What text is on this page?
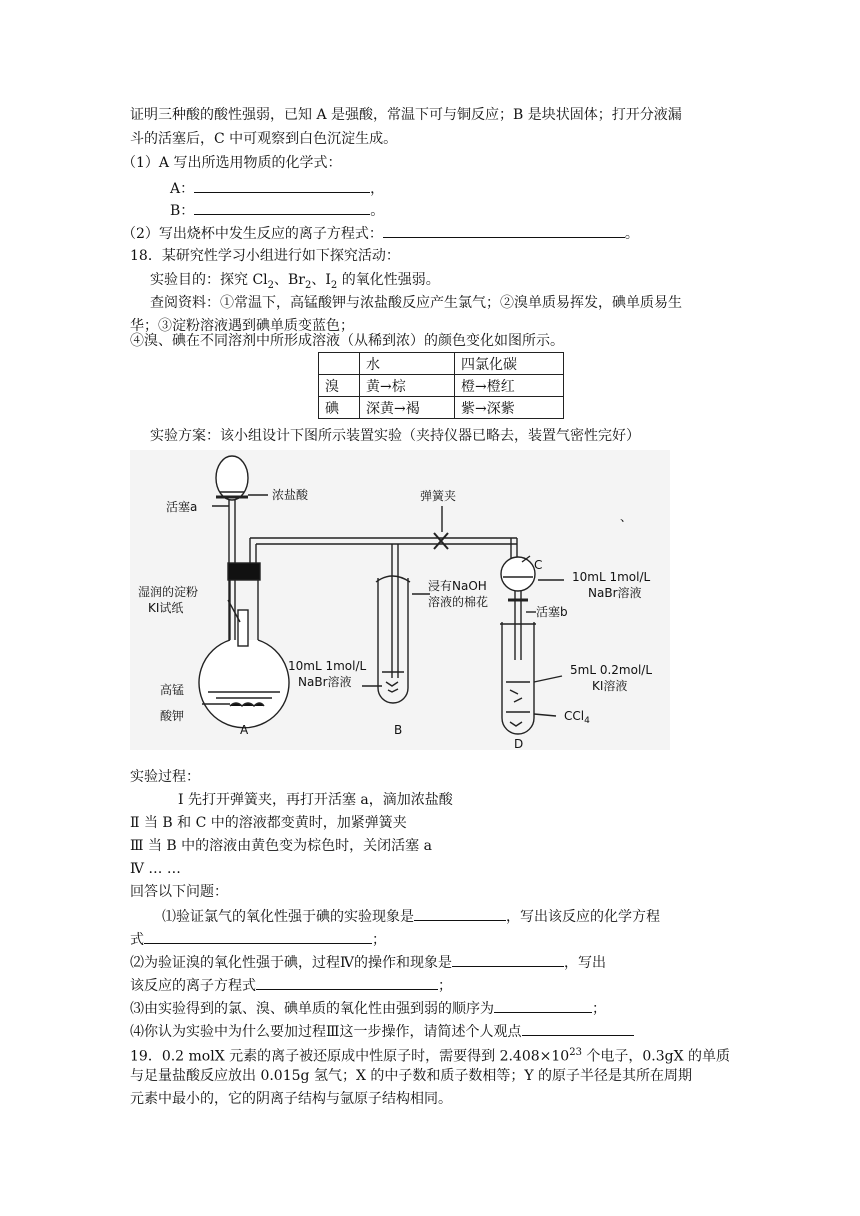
证明三种酸的酸性强弱，已知 A 是强酸，常温下可与铜反应；B 是块状固体；打开分液漏
斗的活塞后，C 中可观察到白色沉淀生成。
（1）A 写出所选用物质的化学式：
A：	，
B：	。
（2）写出烧杯中发生反应的离子方程式：	。
18．某研究性学习小组进行如下探究活动：
实验目的：探究 $Cl_2$、$Br_2$、$I_2$ 的氧化性强弱。
查阅资料：①常温下，高锰酸钾与浓盐酸反应产生氯气；②溴单质易挥发，碘单质易生
华；③淀粉溶液遇到碘单质变蓝色；
④溴、碘在不同溶剂中所形成溶液（从稀到浓）的颜色变化如图所示。
	水	四氯化碳
溴	黄→棕	橙→橙红
碘	深黄→褐	紫→深紫
实验方案：该小组设计下图所示装置实验（夹持仪器已略去，装置气密性完好）
活塞a
浓盐酸	弹簧夹
、
湿润的淀粉
KI试纸
高锰
酸钾
A	B
C
D
10mL 1mol/L
NaBr溶液
浸有NaOH
溶液的棉花
10mL 1mol/L
NaBr溶液
活塞b
5mL 0.2mol/L
KI溶液
CCl$_4$
实验过程：
Ⅰ 先打开弹簧夹，再打开活塞 a，滴加浓盐酸
Ⅱ 当 B 和 C 中的溶液都变黄时，加紧弹簧夹
Ⅲ 当 B 中的溶液由黄色变为棕色时，关闭活塞 a
Ⅳ … …
回答以下问题：
⑴验证氯气的氧化性强于碘的实验现象是	，写出该反应的化学方程
式	；
⑵为验证溴的氧化性强于碘，过程Ⅳ的操作和现象是	，写出
该反应的离子方程式	；
⑶由实验得到的氯、溴、碘单质的氧化性由强到弱的顺序为	；
⑷你认为实验中为什么要加过程Ⅲ这一步操作，请简述个人观点
19．0.2 molX 元素的离子被还原成中性原子时，需要得到 $2.408\times 10^{23}$ 个电子，0.3gX 的单质
与足量盐酸反应放出 0.015g 氢气；X 的中子数和质子数相等；Y 的原子半径是其所在周期
元素中最小的，它的阴离子结构与氩原子结构相同。
